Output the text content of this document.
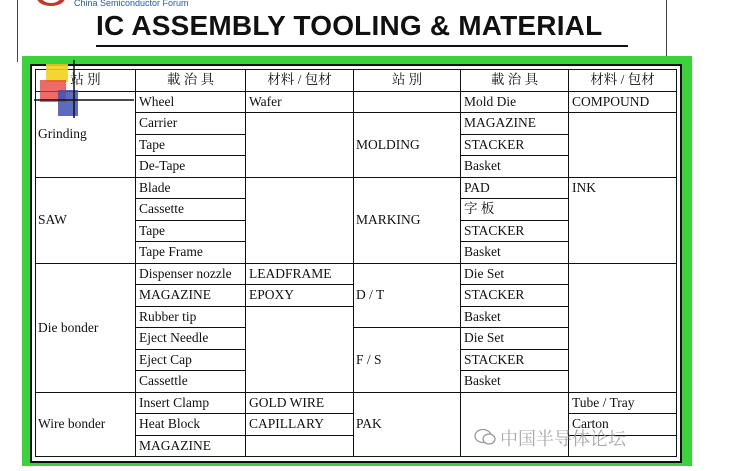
China Semiconductor Forum
IC ASSEMBLY TOOLING & MATERIAL
站 別	載 治 具	材料 / 包材	站 別	載 治 具	材料 / 包材
Grinding	Wheel	Wafer		Mold Die	COMPOUND
	Carrier		MOLDING	MAGAZINE	
	Tape			STACKER	
	De-Tape			Basket	
SAW	Blade		MARKING	PAD	INK
	Cassette			字 板	
	Tape			STACKER	
	Tape Frame			Basket	
Die bonder	Dispenser nozzle	LEADFRAME	D / T	Die Set	
	MAGAZINE	EPOXY		STACKER	
	Rubber tip			Basket	
	Eject Needle		F / S	Die Set	
	Eject Cap			STACKER	
	Cassettle			Basket	
Wire bonder	Insert Clamp	GOLD WIRE	PAK		Tube / Tray
	Heat Block	CAPILLARY			Carton
	MAGAZINE					中国半导体论坛
